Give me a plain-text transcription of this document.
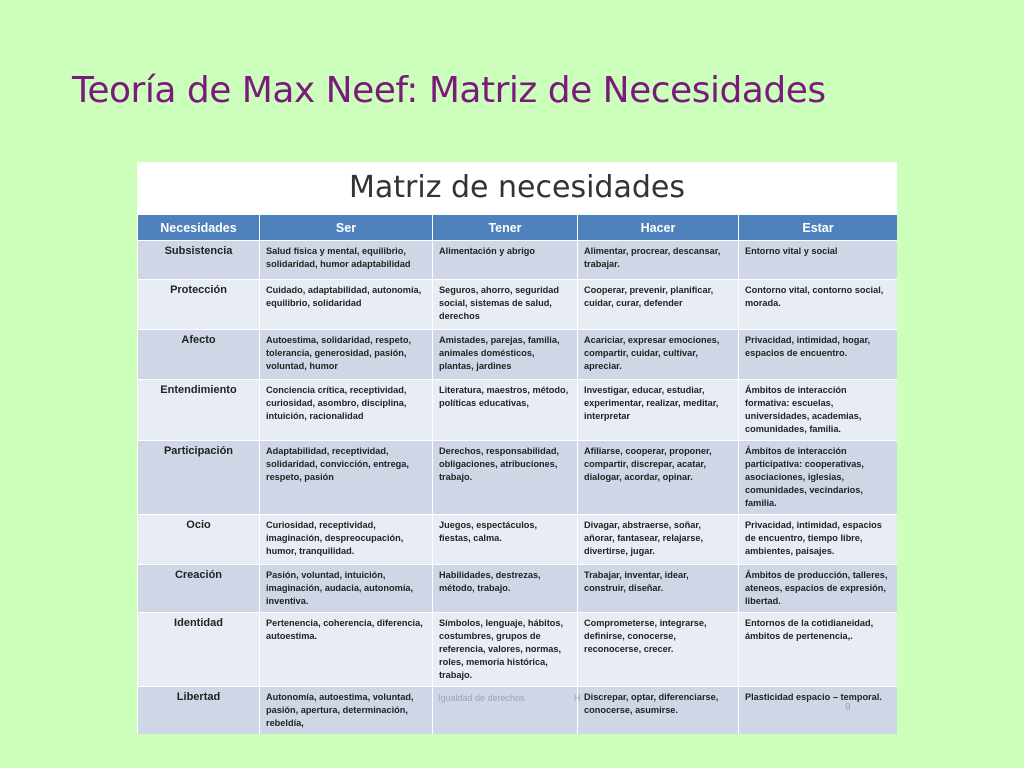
Teoría de Max Neef: Matriz de Necesidades
Matriz de necesidades
Necesidades	Ser	Tener	Hacer	Estar
Subsistencia	Salud física y mental, equilibrio, solidaridad, humor adaptabilidad	Alimentación y abrigo	Alimentar, procrear, descansar, trabajar.	Entorno vital y social
Protección	Cuidado, adaptabilidad, autonomía, equilibrio, solidaridad	Seguros, ahorro, seguridad social, sistemas de salud, derechos	Cooperar, prevenir, planificar, cuidar, curar, defender	Contorno vital, contorno social, morada.
Afecto	Autoestima, solidaridad, respeto, tolerancia, generosidad, pasión, voluntad, humor	Amistades, parejas, familia, animales domésticos, plantas, jardines	Acariciar, expresar emociones, compartir, cuidar, cultivar, apreciar.	Privacidad, intimidad, hogar, espacios de encuentro.
Entendimiento	Conciencia crítica, receptividad, curiosidad, asombro, disciplina, intuición, racionalidad	Literatura, maestros, método, políticas educativas,	Investigar, educar, estudiar, experimentar, realizar, meditar, interpretar	Ámbitos de interacción formativa: escuelas, universidades, academias, comunidades, familia.
Participación	Adaptabilidad, receptividad, solidaridad, convicción, entrega, respeto, pasión	Derechos, responsabilidad, obligaciones, atribuciones, trabajo.	Afiliarse, cooperar, proponer, compartir, discrepar, acatar, dialogar, acordar, opinar.	Ámbitos de interacción participativa: cooperativas, asociaciones, iglesias, comunidades, vecindarios, familia.
Ocio	Curiosidad, receptividad, imaginación, despreocupación, humor, tranquilidad.	Juegos, espectáculos, fiestas, calma.	Divagar, abstraerse, soñar, añorar, fantasear, relajarse, divertirse, jugar.	Privacidad, intimidad, espacios de encuentro, tiempo libre, ambientes, paisajes.
Creación	Pasión, voluntad, intuición, imaginación, audacia, autonomía, inventiva.	Habilidades, destrezas, método, trabajo.	Trabajar, inventar, idear, construir, diseñar.	Ámbitos de producción, talleres, ateneos, espacios de expresión, libertad.
Identidad	Pertenencia, coherencia, diferencia, autoestima.	Símbolos, lenguaje, hábitos, costumbres, grupos de referencia, valores, normas, roles, memoria histórica, trabajo.	Comprometerse, integrarse, definirse, conocerse, reconocerse, crecer.	Entornos de la cotidianeidad, ámbitos de pertenencia,.
Libertad	Autonomía, autoestima, voluntad, pasión, apertura, determinación, rebeldía,		Discrepar, optar, diferenciarse, conocerse, asumirse.	Plasticidad espacio – temporal.
Igualdad de derechos	H
9
